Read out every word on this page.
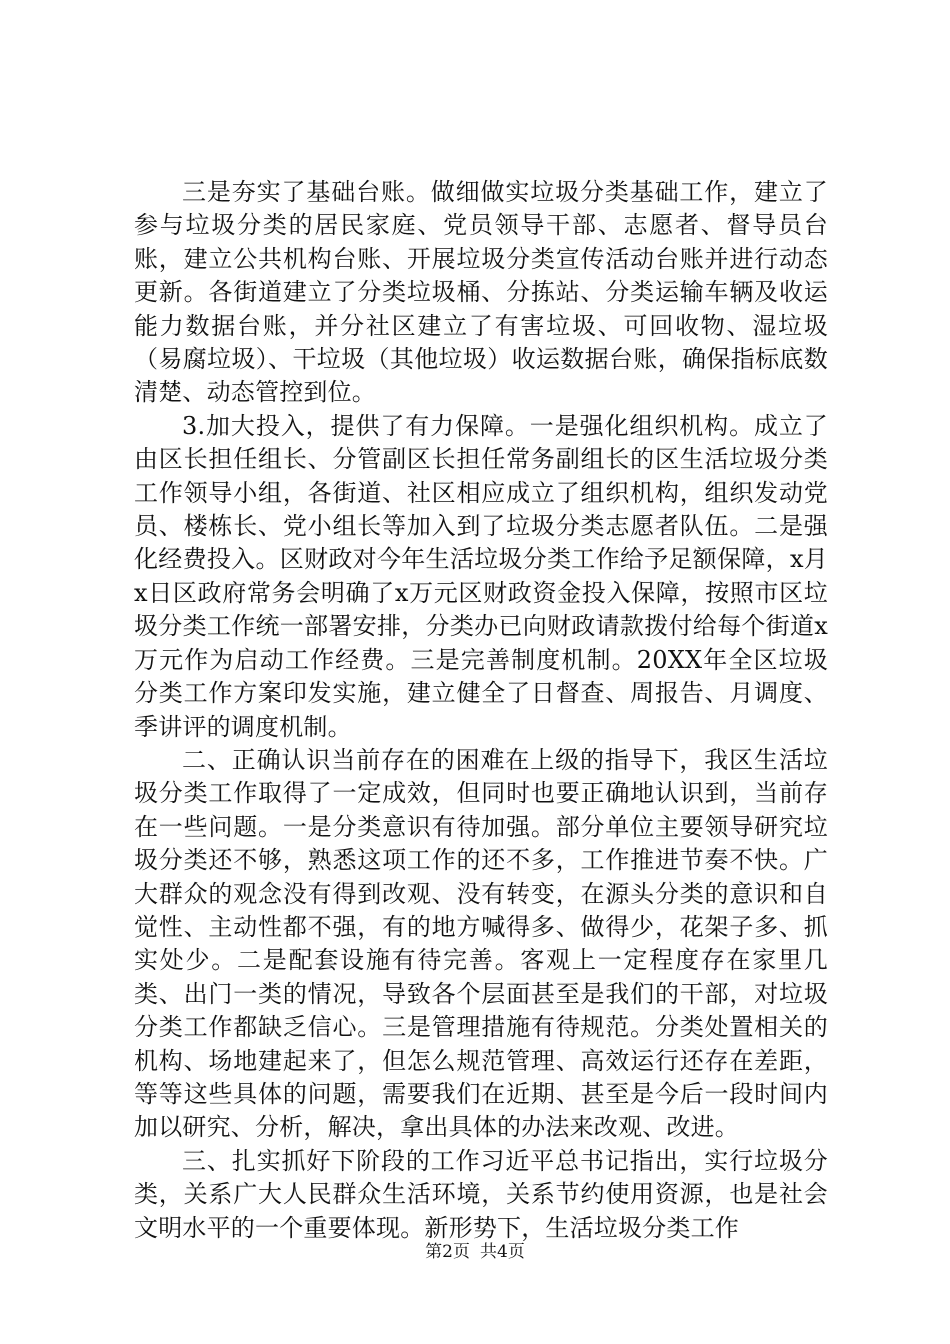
三是夯实了基础台账。做细做实垃圾分类基础工作，建立了参与垃圾分类的居民家庭、党员领导干部、志愿者、督导员台账，建立公共机构台账、开展垃圾分类宣传活动台账并进行动态更新。各街道建立了分类垃圾桶、分拣站、分类运输车辆及收运能力数据台账，并分社区建立了有害垃圾、可回收物、湿垃圾（易腐垃圾）、干垃圾（其他垃圾）收运数据台账，确保指标底数清楚、动态管控到位。

3.加大投入，提供了有力保障。一是强化组织机构。成立了由区长担任组长、分管副区长担任常务副组长的区生活垃圾分类工作领导小组，各街道、社区相应成立了组织机构，组织发动党员、楼栋长、党小组长等加入到了垃圾分类志愿者队伍。二是强化经费投入。区财政对今年生活垃圾分类工作给予足额保障，x月x日区政府常务会明确了x万元区财政资金投入保障，按照市区垃圾分类工作统一部署安排，分类办已向财政请款拨付给每个街道x万元作为启动工作经费。三是完善制度机制。20XX年全区垃圾分类工作方案印发实施，建立健全了日督查、周报告、月调度、季讲评的调度机制。

二、正确认识当前存在的困难在上级的指导下，我区生活垃圾分类工作取得了一定成效，但同时也要正确地认识到，当前存在一些问题。一是分类意识有待加强。部分单位主要领导研究垃圾分类还不够，熟悉这项工作的还不多，工作推进节奏不快。广大群众的观念没有得到改观、没有转变，在源头分类的意识和自觉性、主动性都不强，有的地方喊得多、做得少，花架子多、抓实处少。二是配套设施有待完善。客观上一定程度存在家里几类、出门一类的情况，导致各个层面甚至是我们的干部，对垃圾分类工作都缺乏信心。三是管理措施有待规范。分类处置相关的机构、场地建起来了，但怎么规范管理、高效运行还存在差距，等等这些具体的问题，需要我们在近期、甚至是今后一段时间内加以研究、分析，解决，拿出具体的办法来改观、改进。

三、扎实抓好下阶段的工作习近平总书记指出，实行垃圾分类，关系广大人民群众生活环境，关系节约使用资源，也是社会文明水平的一个重要体现。新形势下，生活垃圾分类工作

第2页 共4页
